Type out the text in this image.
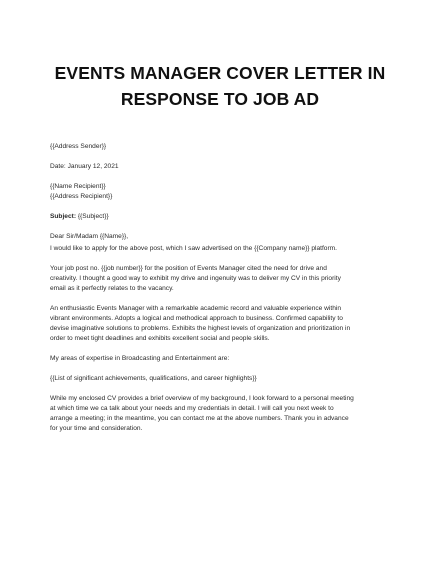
EVENTS MANAGER COVER LETTER IN
RESPONSE TO JOB AD

{{Address Sender}}

Date: January 12, 2021

{{Name Recipient}}

{{Address Recipient}}

Subject: {{Subject}}

Dear Sir/Madam {{Name}},

I would like to apply for the above post, which I saw advertised on the {{Company name}} platform.

Your job post no. {{job number}} for the position of Events Manager cited the need for drive and
creativity. I thought a good way to exhibit my drive and ingenuity was to deliver my CV in this priority
email as it perfectly relates to the vacancy.

An enthusiastic Events Manager with a remarkable academic record and valuable experience within
vibrant environments. Adopts a logical and methodical approach to business. Confirmed capability to
devise imaginative solutions to problems. Exhibits the highest levels of organization and prioritization in
order to meet tight deadlines and exhibits excellent social and people skills.

My areas of expertise in Broadcasting and Entertainment are:

{{List of significant achievements, qualifications, and career highlights}}

While my enclosed CV provides a brief overview of my background, I look forward to a personal meeting
at which time we ca talk about your needs and my credentials in detail. I will call you next week to
arrange a meeting; in the meantime, you can contact me at the above numbers. Thank you in advance
for your time and consideration.
